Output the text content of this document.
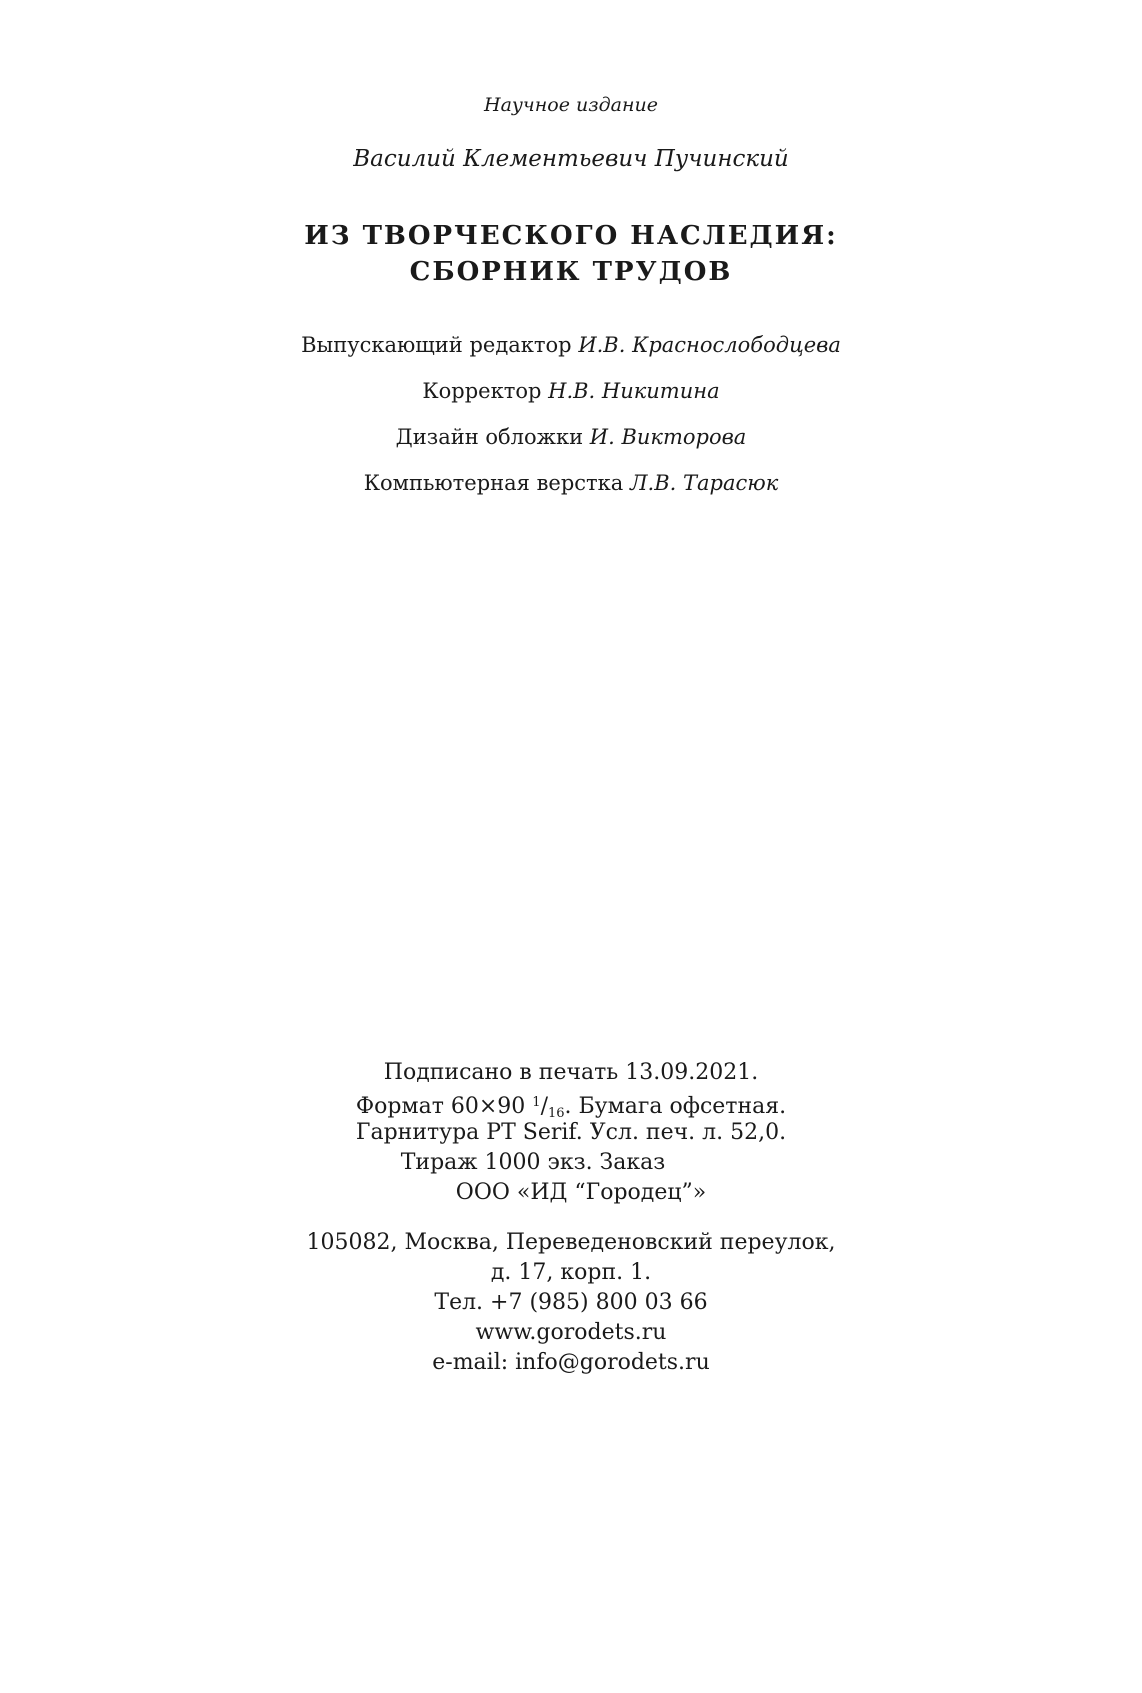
Научное издание
Василий Клементьевич Пучинский
ИЗ ТВОРЧЕСКОГО НАСЛЕДИЯ:
СБОРНИК ТРУДОВ
Выпускающий редактор И.В. Краснослободцева
Корректор Н.В. Никитина
Дизайн обложки И. Викторова
Компьютерная верстка Л.В. Тарасюк
Подписано в печать 13.09.2021.
Формат 60×90 $^1/_{16}$. Бумага офсетная.
Гарнитура PT Serif. Усл. печ. л. 52,0.
Тираж 1000 экз. Заказ
ООО «ИД “Городец”»
105082, Москва, Переведеновский переулок,
д. 17, корп. 1.
Тел. +7 (985) 800 03 66
www.gorodets.ru
e-mail: info@gorodets.ru
